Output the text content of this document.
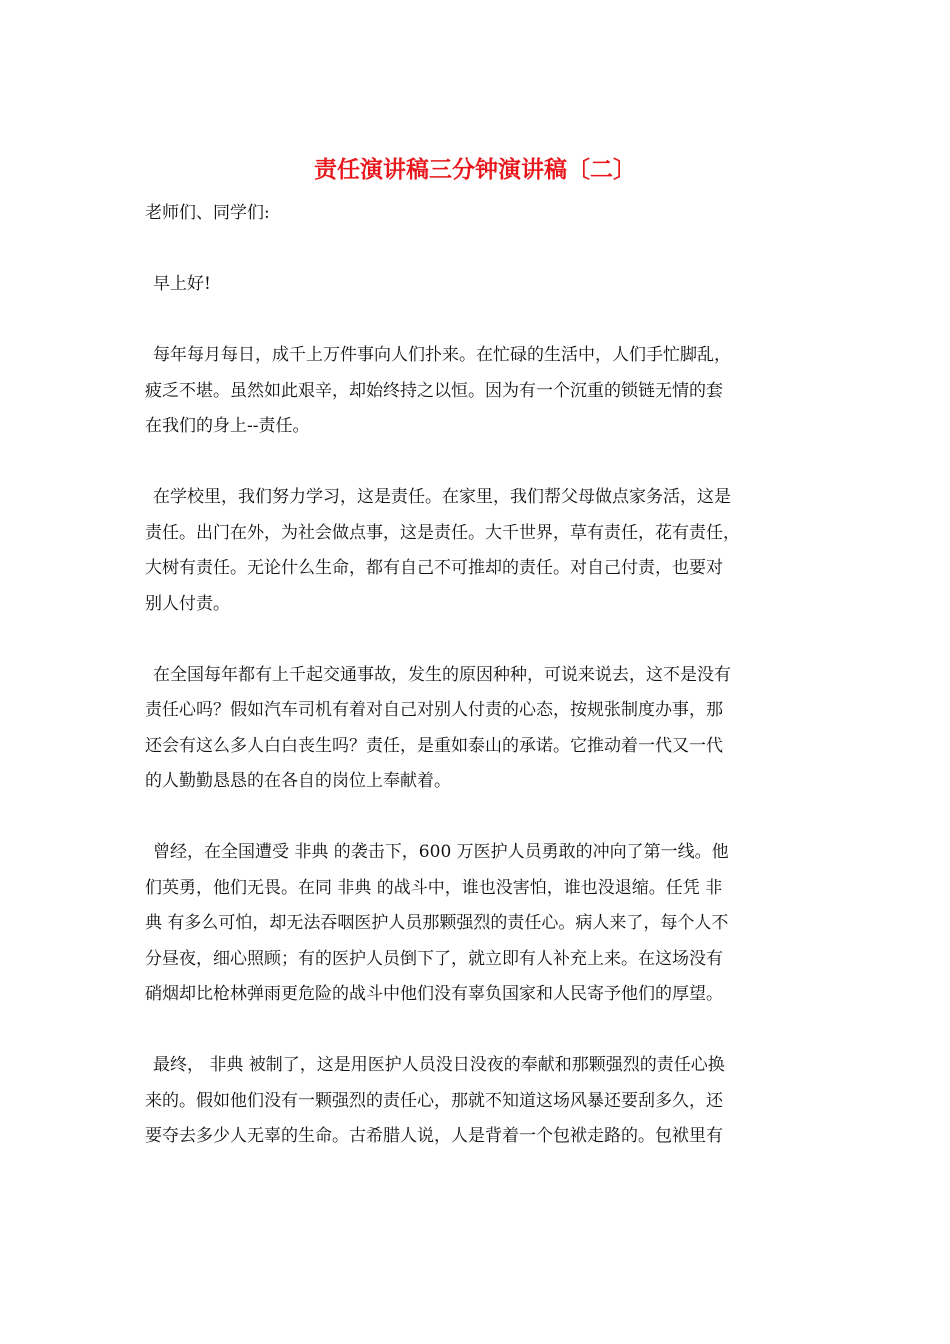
责任演讲稿三分钟演讲稿〔二〕
老师们、同学们:
早上好!
每年每月每日，成千上万件事向人们扑来。在忙碌的生活中，人们手忙脚乱，
疲乏不堪。虽然如此艰辛，却始终持之以恒。因为有一个沉重的锁链无情的套
在我们的身上--责任。
在学校里，我们努力学习，这是责任。在家里，我们帮父母做点家务活，这是
责任。出门在外，为社会做点事，这是责任。大千世界，草有责任，花有责任，
大树有责任。无论什么生命，都有自己不可推却的责任。对自己付责，也要对
别人付责。
在全国每年都有上千起交通事故，发生的原因种种，可说来说去，这不是没有
责任心吗？假如汽车司机有着对自己对别人付责的心态，按规张制度办事，那
还会有这么多人白白丧生吗？责任，是重如泰山的承诺。它推动着一代又一代
的人勤勤恳恳的在各自的岗位上奉献着。
曾经，在全国遭受 非典 的袭击下，600 万医护人员勇敢的冲向了第一线。他
们英勇，他们无畏。在同 非典 的战斗中，谁也没害怕，谁也没退缩。任凭 非
典 有多么可怕，却无法吞咽医护人员那颗强烈的责任心。病人来了，每个人不
分昼夜，细心照顾；有的医护人员倒下了，就立即有人补充上来。在这场没有
硝烟却比枪林弹雨更危险的战斗中他们没有辜负国家和人民寄予他们的厚望。
最终， 非典 被制了，这是用医护人员没日没夜的奉献和那颗强烈的责任心换
来的。假如他们没有一颗强烈的责任心，那就不知道这场风暴还要刮多久，还
要夺去多少人无辜的生命。古希腊人说，人是背着一个包袱走路的。包袱里有
